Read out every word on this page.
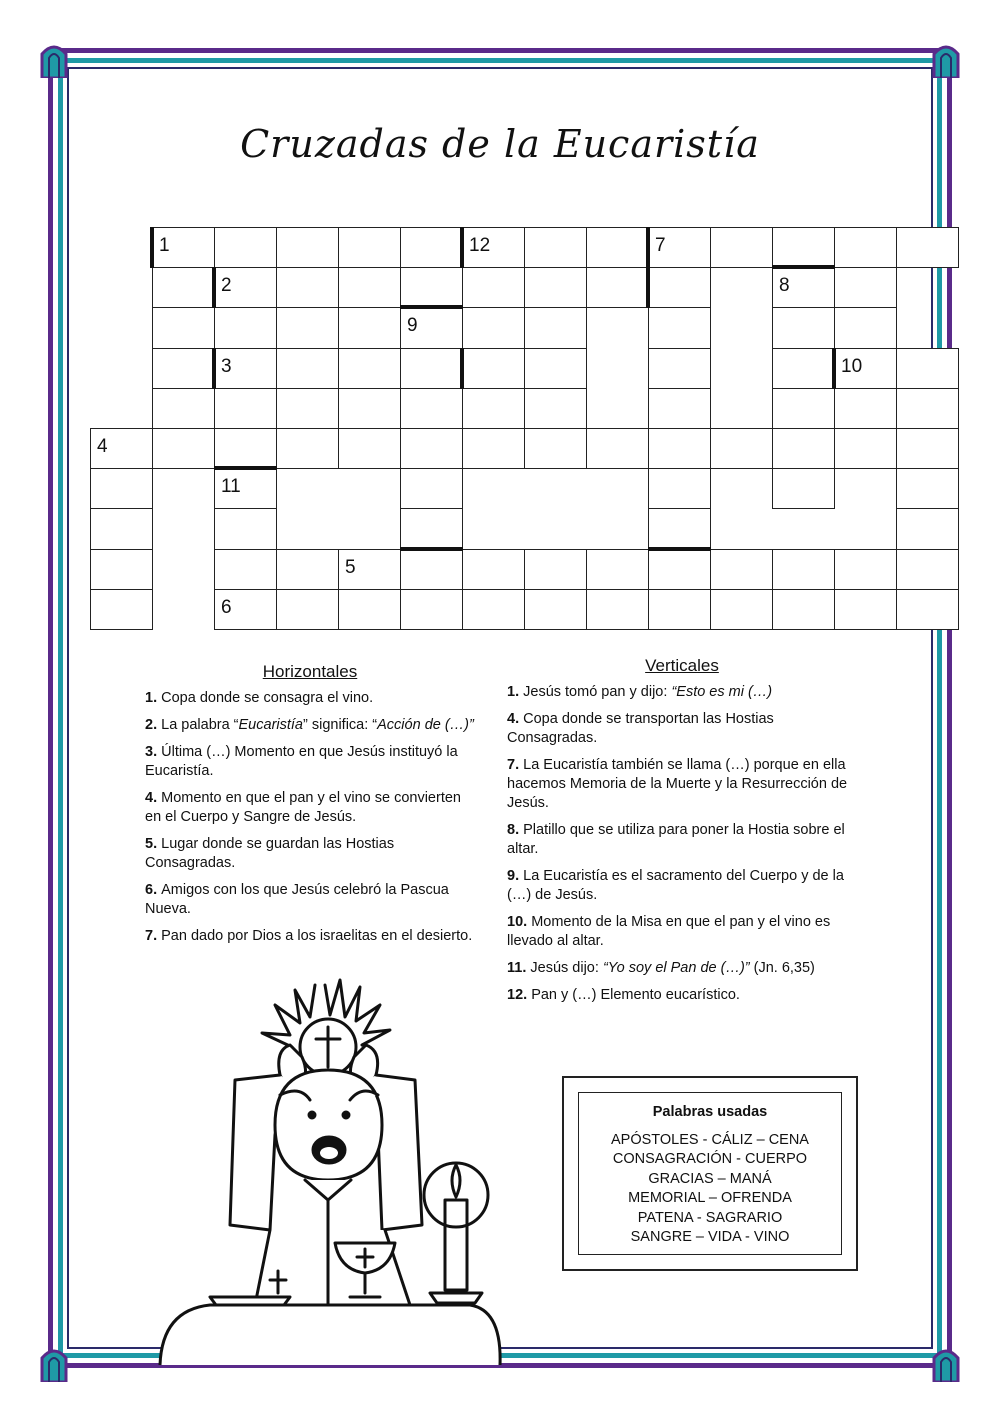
Cruzadas de la Eucaristía
1	12	7
2	8
9
3	10
4
11
5
6
Horizontales
1. Copa donde se consagra el vino.
2. La palabra “Eucaristía” significa: “Acción de (…)”
3. Última (…) Momento en que Jesús instituyó la Eucaristía.
4. Momento en que el pan y el vino se convierten en el Cuerpo y Sangre de Jesús.
5. Lugar donde se guardan las Hostias Consagradas.
6. Amigos con los que Jesús celebró la Pascua Nueva.
7. Pan dado por Dios a los israelitas en el desierto.
Verticales
1. Jesús tomó pan y dijo: “Esto es mi (…)
4. Copa donde se transportan las Hostias Consagradas.
7. La Eucaristía también se llama (…) porque en ella hacemos Memoria de la Muerte y la Resurrección de Jesús.
8. Platillo que se utiliza para poner la Hostia sobre el altar.
9. La Eucaristía es el sacramento del Cuerpo y de la (…) de Jesús.
10. Momento de la Misa en que el pan y el vino es llevado al altar.
11. Jesús dijo: “Yo soy el Pan de (…)” (Jn. 6,35)
12. Pan y (…) Elemento eucarístico.
Palabras usadas
APÓSTOLES - CÁLIZ – CENA
CONSAGRACIÓN - CUERPO
GRACIAS – MANÁ
MEMORIAL – OFRENDA
PATENA - SAGRARIO
SANGRE – VIDA - VINO
